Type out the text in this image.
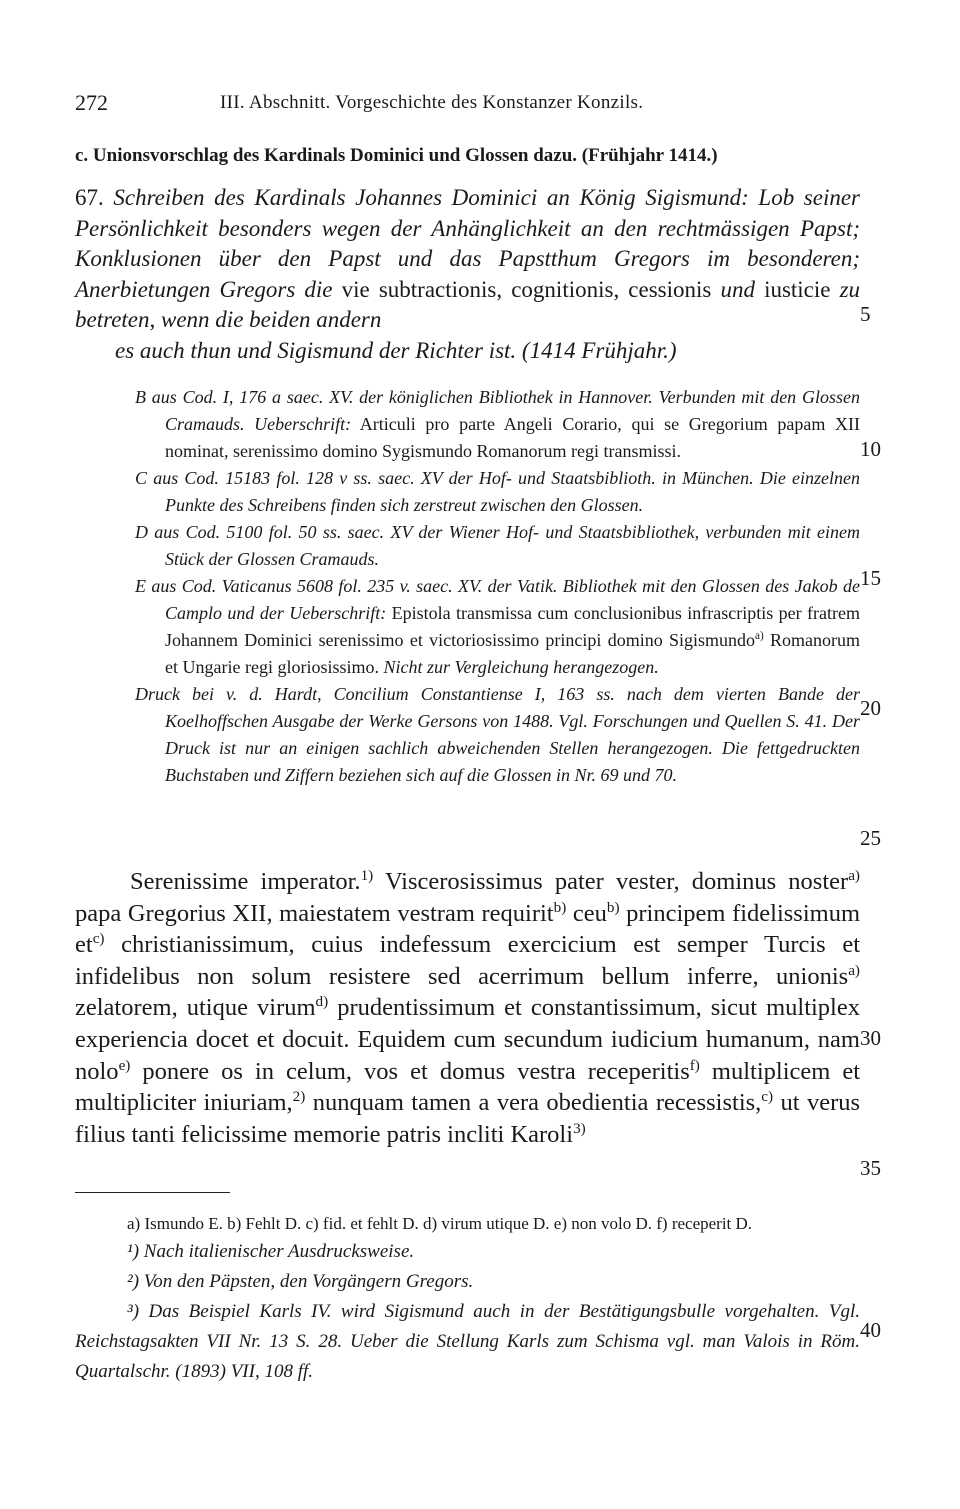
272	III. Abschnitt. Vorgeschichte des Konstanzer Konzils.
c. Unionsvorschlag des Kardinals Dominici und Glossen dazu. (Frühjahr 1414.)

67. Schreiben des Kardinals Johannes Dominici an König Sigismund: Lob seiner Persönlichkeit besonders wegen der Anhänglichkeit an den rechtmässigen Papst; Konklusionen über den Papst und das Papstthum Gregors im besonderen; Anerbietungen Gregors die vie subtractionis, cognitionis, cessionis und iusticie zu betreten, wenn die beiden andern

es auch thun und Sigismund der Richter ist. (1414 Frühjahr.)

B aus Cod. I, 176 a saec. XV. der königlichen Bibliothek in Hannover. Verbunden mit den Glossen Cramauds. Ueberschrift: Articuli pro parte Angeli Corario, qui se Gregorium papam XII nominat, serenissimo domino Sygismundo Romanorum regi transmissi.

C aus Cod. 15183 fol. 128 v ss. saec. XV der Hof- und Staatsbiblioth. in München. Die einzelnen Punkte des Schreibens finden sich zerstreut zwischen den Glossen.

D aus Cod. 5100 fol. 50 ss. saec. XV der Wiener Hof- und Staatsbibliothek, verbunden mit einem Stück der Glossen Cramauds.

E aus Cod. Vaticanus 5608 fol. 235 v. saec. XV. der Vatik. Bibliothek mit den Glossen des Jakob de Camplo und der Ueberschrift: Epistola transmissa cum conclusionibus infrascriptis per fratrem Johannem Dominici serenissimo et victoriosissimo principi domino Sigismundo$^{a)}$ Romanorum et Ungarie regi gloriosissimo. Nicht zur Vergleichung herangezogen.

Druck bei v. d. Hardt, Concilium Constantiense I, 163 ss. nach dem vierten Bande der Koelhoffschen Ausgabe der Werke Gersons von 1488. Vgl. Forschungen und Quellen S. 41. Der Druck ist nur an einigen sachlich abweichenden Stellen herangezogen. Die fettgedruckten Buchstaben und Ziffern beziehen sich auf die Glossen in Nr. 69 und 70.

Serenissime imperator.$^{1)}$ Viscerosissimus pater vester, dominus noster$^{a)}$ papa Gregorius XII, maiestatem vestram requirit$^{b)}$ ceu$^{b)}$ principem fidelissimum $et^{c)}$ christianissimum, cuius indefessum exercicium est semper Turcis et infidelibus non solum resistere sed acerrimum bellum inferre, unionis$^{a)}$ zelatorem, utique virum$^{d)}$ prudentissimum et constantissimum, sicut multiplex experiencia docet et docuit. Equidem cum secundum iudicium humanum, nam nolo$^{e)}$ ponere os in celum, vos et domus vestra receperitis$^{f)}$ multiplicem et multipliciter iniuriam,$^{2)}$ nunquam tamen a vera obedientia recessistis,$^{c)}$ ut verus filius tanti felicissime memorie patris incliti Karoli$^{3)}$

a) Ismundo E. b) Fehlt D. c) fid. et fehlt D. d) virum utique D. e) non volo D. f) receperit D.

¹) Nach italienischer Ausdrucksweise.

²) Von den Päpsten, den Vorgängern Gregors.

³) Das Beispiel Karls IV. wird Sigismund auch in der Bestätigungsbulle vorgehalten. Vgl. Reichstagsakten VII Nr. 13 S. 28. Ueber die Stellung Karls zum Schisma vgl. man Valois in Röm. Quartalschr. (1893) VII, 108 ff.

5
10
15
20
25
30
35
40
